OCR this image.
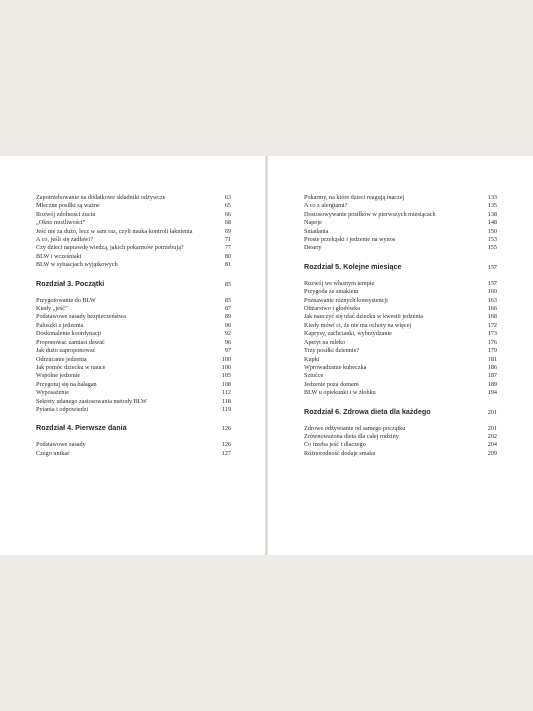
Zapotrzebowanie na dodatkowe składniki odżywcze	63
Mleczne posiłki są ważne	65
Rozwój zdolności żucia	66
„Okno możliwości”	68
Jeść nie za dużo, lecz w sam raz, czyli nauka kontroli łaknienia	69
A co, jeśli się zadławi?	71
Czy dzieci naprawdę wiedzą, jakich pokarmów potrzebują?	77
BLW i wcześniaki	80
BLW w sytuacjach wyjątkowych	81
Rozdział 3. Początki	85
Przygotowanie do BLW	85
Kiedy „jeść”	87
Podstawowe zasady bezpieczeństwa	89
Paluszki z jedzenia	90
Doskonalenie koordynacji	92
Proponować zamiast dawać	96
Jak dużo zaproponować	97
Odrzucanie jedzenia	100
Jak pomóc dziecku w nauce	100
Wspólne jedzenie	105
Przygotuj się na bałagan	108
Wyposażenie	112
Sekrety udanego zastosowania metody BLW	118
Pytania i odpowiedzi	119
Rozdział 4. Pierwsze dania	126
Podstawowe zasady	126
Czego unikać	127
Pokarmy, na które dzieci reagują inaczej	133
A co z alergiami?	135
Dostosowywanie posiłków w pierwszych miesiącach	138
Napoje	148
Śniadania	150
Proste przekąski i jedzenie na wynos	153
Desery	155
Rozdział 5. Kolejne miesiące	157
Rozwój we własnym tempie	157
Przygoda ze smakiem	160
Poznawanie różnych konsystencji	163
Obżarstwo i głodówka	166
Jak nauczyć się ufać dziecku w kwestii jedzenia	168
Kiedy mówi ci, że nie ma ochoty na więcej	172
Kaprysy, zachcianki, wybrzydzanie	173
Apetyt na mleko	176
Trzy posiłki dziennie?	179
Kupki	181
Wprowadzanie kubeczka	186
Sztućce	187
Jedzenie poza domem	189
BLW u opiekunki i w żłobku	194
Rozdział 6. Zdrowa dieta dla każdego	201
Zdrowe odżywianie od samego początku	201
Zrównoważona dieta dla całej rodziny	202
Co trzeba jeść i dlaczego	204
Różnorodność dodaje smaku	209
